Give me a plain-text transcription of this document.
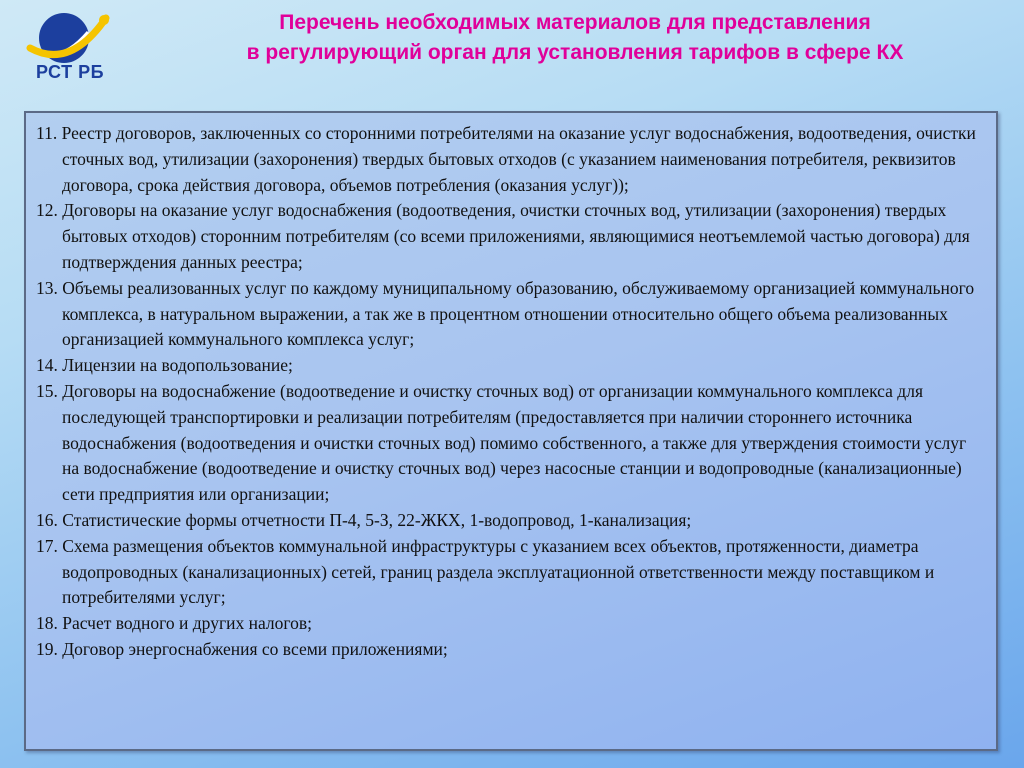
РСТ РБ
Перечень необходимых материалов для представления
в регулирующий орган для установления тарифов в сфере КХ
11. Реестр договоров, заключенных со сторонними потребителями на оказание услуг водоснабжения, водоотведения, очистки сточных вод, утилизации (захоронения) твердых бытовых отходов (с указанием наименования потребителя, реквизитов договора, срока действия договора, объемов потребления (оказания услуг));
12. Договоры на оказание услуг водоснабжения (водоотведения, очистки сточных вод, утилизации (захоронения) твердых бытовых отходов) сторонним потребителям (со всеми приложениями, являющимися неотъемлемой частью договора) для подтверждения данных реестра;
13. Объемы реализованных услуг по каждому муниципальному образованию, обслуживаемому организацией коммунального комплекса, в натуральном выражении, а так же в процентном отношении относительно общего объема реализованных организацией коммунального комплекса услуг;
14. Лицензии на водопользование;
15. Договоры на водоснабжение (водоотведение и очистку сточных вод) от организации коммунального комплекса для последующей транспортировки и реализации потребителям (предоставляется при наличии стороннего источника водоснабжения (водоотведения и очистки сточных вод) помимо собственного, а также для утверждения стоимости услуг на водоснабжение (водоотведение и очистку сточных вод) через насосные станции и водопроводные (канализационные) сети предприятия или организации;
16. Статистические формы отчетности П-4, 5-З, 22-ЖКХ, 1-водопровод, 1-канализация;
17. Схема размещения объектов коммунальной инфраструктуры с указанием всех объектов, протяженности, диаметра водопроводных (канализационных) сетей, границ раздела эксплуатационной ответственности между поставщиком и потребителями услуг;
18. Расчет водного и других налогов;
19. Договор энергоснабжения со всеми приложениями;
